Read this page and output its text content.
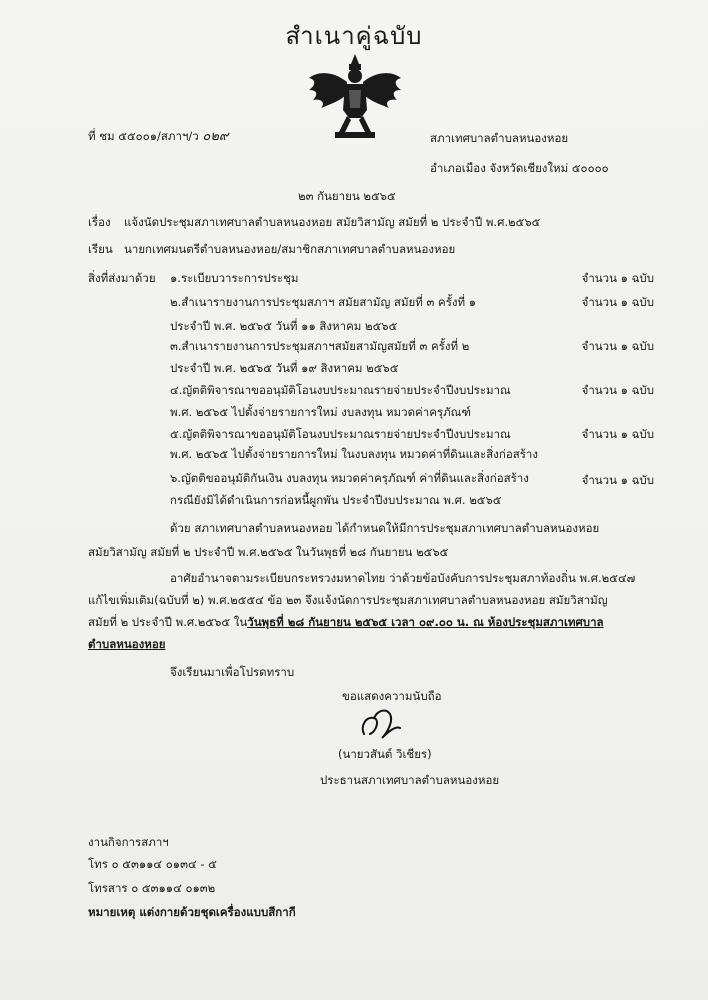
สำเนาคู่ฉบับ
ที่ ชม ๕๕๐๐๑/สภาฯ/ว ๐๒๙	สภาเทศบาลตำบลหนองหอย
อำเภอเมือง จังหวัดเชียงใหม่ ๕๐๐๐๐
๒๓ กันยายน ๒๕๖๕
เรื่อง แจ้งนัดประชุมสภาเทศบาลตำบลหนองหอย สมัยวิสามัญ สมัยที่ ๒ ประจำปี พ.ศ.๒๕๖๕
เรียน นายกเทศมนตรีตำบลหนองหอย/สมาชิกสภาเทศบาลตำบลหนองหอย
สิ่งที่ส่งมาด้วย ๑.ระเบียบวาระการประชุม	จำนวน ๑ ฉบับ
๒.สำเนารายงานการประชุมสภาฯ สมัยสามัญ สมัยที่ ๓ ครั้งที่ ๑	จำนวน ๑ ฉบับ
ประจำปี พ.ศ. ๒๕๖๕ วันที่ ๑๑ สิงหาคม ๒๕๖๕
๓.สำเนารายงานการประชุมสภาฯสมัยสามัญสมัยที่ ๓ ครั้งที่ ๒	จำนวน ๑ ฉบับ
ประจำปี พ.ศ. ๒๕๖๕ วันที่ ๑๙ สิงหาคม ๒๕๖๕
๔.ญัตติพิจารณาขออนุมัติโอนงบประมาณรายจ่ายประจำปีงบประมาณ	จำนวน ๑ ฉบับ
พ.ศ. ๒๕๖๕ ไปตั้งจ่ายรายการใหม่ งบลงทุน หมวดค่าครุภัณฑ์
๕.ญัตติพิจารณาขออนุมัติโอนงบประมาณรายจ่ายประจำปีงบประมาณ	จำนวน ๑ ฉบับ
พ.ศ. ๒๕๖๕ ไปตั้งจ่ายรายการใหม่ ในงบลงทุน หมวดค่าที่ดินและสิ่งก่อสร้าง
๖.ญัตติขออนุมัติกันเงิน งบลงทุน หมวดค่าครุภัณฑ์ ค่าที่ดินและสิ่งก่อสร้าง	จำนวน ๑ ฉบับ
กรณียังมิได้ดำเนินการก่อหนี้ผูกพัน ประจำปีงบประมาณ พ.ศ. ๒๕๖๕
ด้วย สภาเทศบาลตำบลหนองหอย ได้กำหนดให้มีการประชุมสภาเทศบาลตำบลหนองหอย
สมัยวิสามัญ สมัยที่ ๒ ประจำปี พ.ศ.๒๕๖๕ ในวันพุธที่ ๒๘ กันยายน ๒๕๖๕
อาศัยอำนาจตามระเบียบกระทรวงมหาดไทย ว่าด้วยข้อบังคับการประชุมสภาท้องถิ่น พ.ศ.๒๕๔๗
แก้ไขเพิ่มเติม(ฉบับที่ ๒) พ.ศ.๒๕๕๔ ข้อ ๒๓ จึงแจ้งนัดการประชุมสภาเทศบาลตำบลหนองหอย สมัยวิสามัญ
สมัยที่ ๒ ประจำปี พ.ศ.๒๕๖๕ ในวันพุธที่ ๒๘ กันยายน ๒๕๖๕ เวลา ๐๙.๐๐ น. ณ ห้องประชุมสภาเทศบาล
ตำบลหนองหอย
จึงเรียนมาเพื่อโปรดทราบ
ขอแสดงความนับถือ
(นายวสันต์ วิเชียร)
ประธานสภาเทศบาลตำบลหนองหอย
งานกิจการสภาฯ
โทร ๐ ๕๓๑๑๔ ๐๑๓๔ - ๕
โทรสาร ๐ ๕๓๑๑๔ ๐๑๓๒
หมายเหตุ แต่งกายด้วยชุดเครื่องแบบสีกากี
